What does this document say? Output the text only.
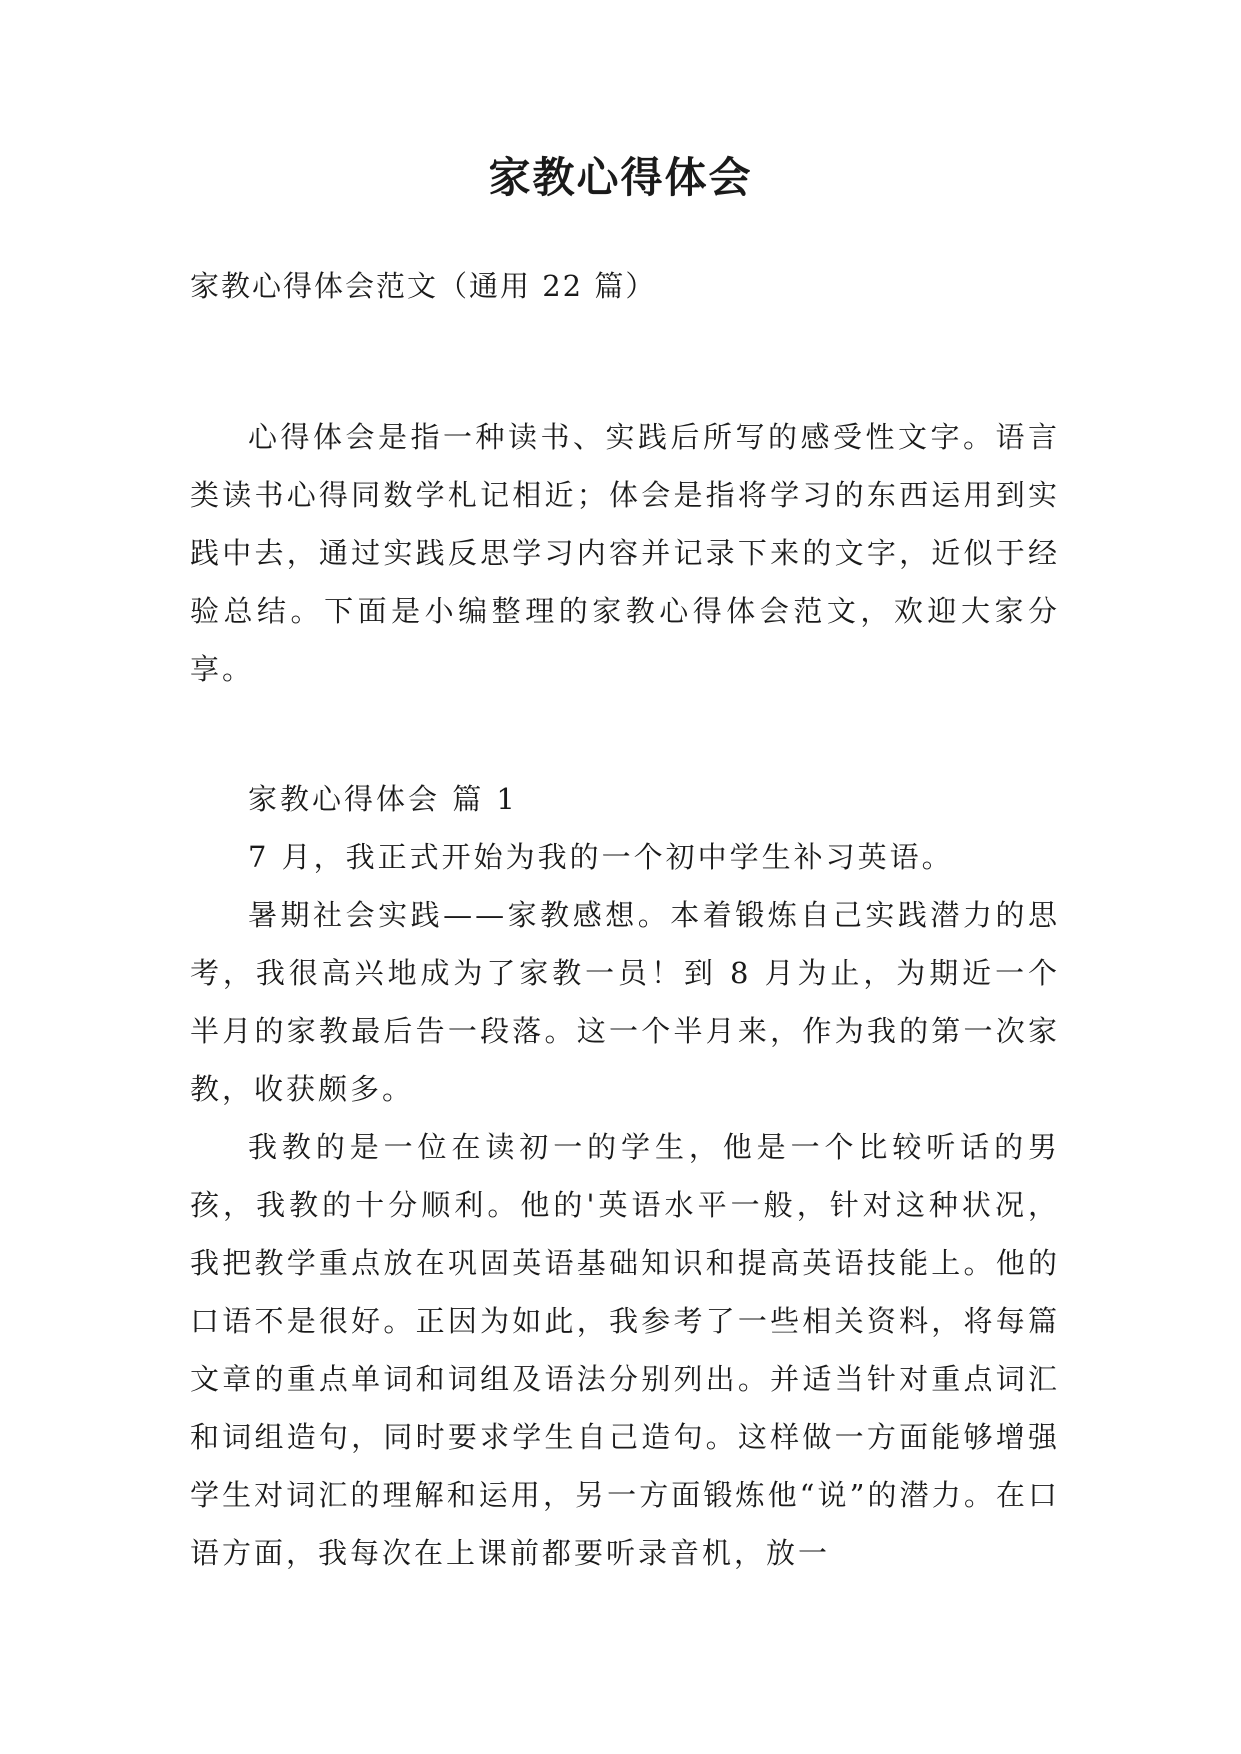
家教心得体会

家教心得体会范文（通用 22 篇）

心得体会是指一种读书、实践后所写的感受性文字。语言类读书心得同数学札记相近；体会是指将学习的东西运用到实践中去，通过实践反思学习内容并记录下来的文字，近似于经验总结。下面是小编整理的家教心得体会范文，欢迎大家分享。

家教心得体会 篇 1

7 月，我正式开始为我的一个初中学生补习英语。

暑期社会实践——家教感想。本着锻炼自己实践潜力的思考，我很高兴地成为了家教一员！到 8 月为止，为期近一个半月的家教最后告一段落。这一个半月来，作为我的第一次家教，收获颇多。

我教的是一位在读初一的学生，他是一个比较听话的男孩，我教的十分顺利。他的'英语水平一般，针对这种状况，我把教学重点放在巩固英语基础知识和提高英语技能上。他的口语不是很好。正因为如此，我参考了一些相关资料，将每篇文章的重点单词和词组及语法分别列出。并适当针对重点词汇和词组造句，同时要求学生自己造句。这样做一方面能够增强学生对词汇的理解和运用，另一方面锻炼他“说”的潜力。在口语方面，我每次在上课前都要听录音机，放一
